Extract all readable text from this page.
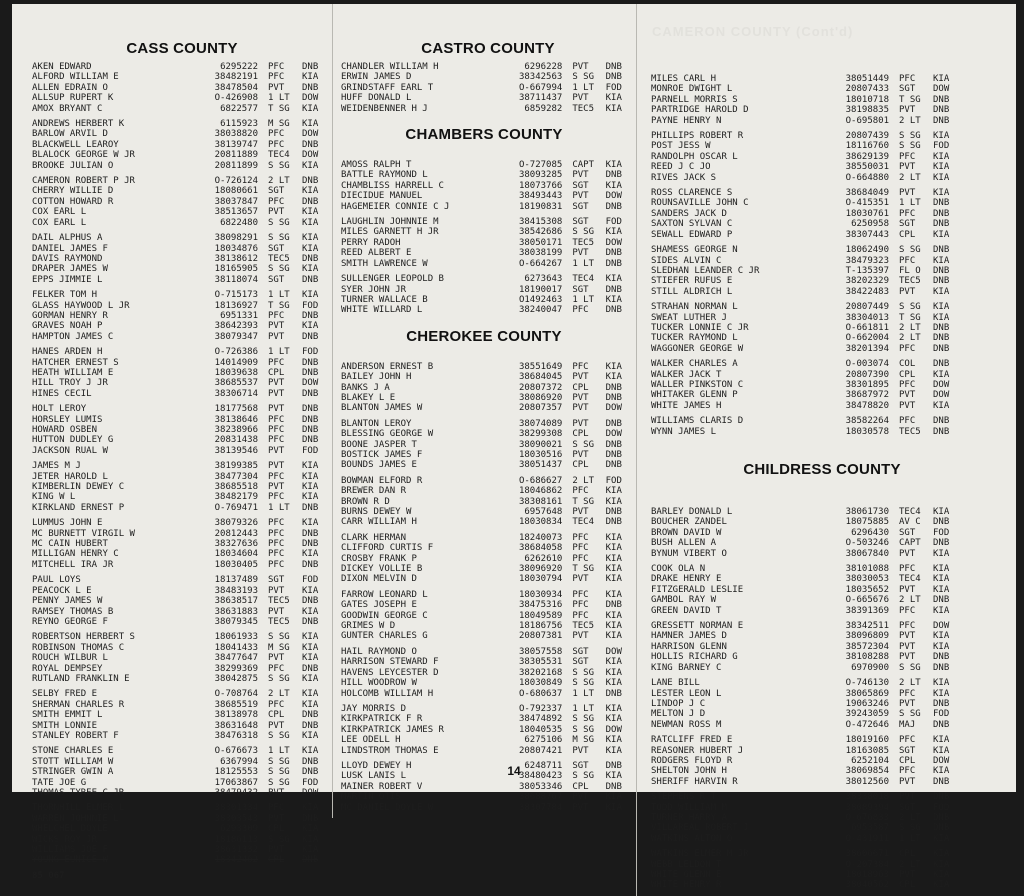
CAMERON COUNTY (Cont'd)
CASS COUNTY
AKEN EDWARD	6295222	PFC	DNB
ALFORD WILLIAM E	38482191	PFC	KIA
ALLEN EDRAIN O	38478504	PVT	DNB
ALLSUP RUPERT K	O-426908	1 LT	DOW
AMOX BRYANT C	6822577	T SG	KIA
ANDREWS HERBERT K	6115923	M SG	KIA
BARLOW ARVIL D	38038820	PFC	DOW
BLACKWELL LEAROY	38139747	PFC	DNB
BLALOCK GEORGE W JR	20811889	TEC4	DOW
BROOKE JULIAN O	20811899	S SG	KIA
CAMERON ROBERT P JR	O-726124	2 LT	DNB
CHERRY WILLIE D	18080661	SGT	KIA
COTTON HOWARD R	38037847	PFC	DNB
COX EARL L	38513657	PVT	KIA
COX EARL L	6822480	S SG	KIA
DAIL ALPHUS A	38098291	S SG	KIA
DANIEL JAMES F	18034876	SGT	KIA
DAVIS RAYMOND	38138612	TEC5	DNB
DRAPER JAMES W	18165905	S SG	KIA
EPPS JIMMIE L	38118074	SGT	DNB
FELKER TOM H	O-715173	1 LT	KIA
GLASS HAYWOOD L JR	18136927	T SG	FOD
GORMAN HENRY R	6951331	PFC	DNB
GRAVES NOAH P	38642393	PVT	KIA
HAMPTON JAMES C	38079347	PVT	DNB
HANES ARDEN H	O-726386	1 LT	FOD
HATCHER ERNEST S	14014909	PFC	DNB
HEATH WILLIAM E	18039638	CPL	DNB
HILL TROY J JR	38685537	PVT	DOW
HINES CECIL	38306714	PVT	DNB
HOLT LEROY	18177568	PVT	DNB
HORSLEY LUMIS	38138646	PFC	DNB
HOWARD OSBEN	38238966	PFC	DNB
HUTTON DUDLEY G	20831438	PFC	DNB
JACKSON RUAL W	38139546	PVT	FOD
JAMES M J	38199385	PVT	KIA
JETER HAROLD L	38477304	PFC	KIA
KIMBERLIN DEWEY C	38685518	PVT	KIA
KING W L	38482179	PFC	KIA
KIRKLAND ERNEST P	O-769471	1 LT	DNB
LUMMUS JOHN E	38079326	PFC	KIA
MC BURNETT VIRGIL W	20812443	PFC	DNB
MC CAIN HUBERT	38327636	PFC	DNB
MILLIGAN HENRY C	18034604	PFC	KIA
MITCHELL IRA JR	18030405	PFC	DNB
PAUL LOYS	18137489	SGT	FOD
PEACOCK L E	38483193	PVT	KIA
PENNY JAMES W	38638517	TEC5	DNB
RAMSEY THOMAS B	38631883	PVT	KIA
REYNO GEORGE F	38079345	TEC5	DNB
ROBERTSON HERBERT S	18061933	S SG	KIA
ROBINSON THOMAS C	18041433	M SG	KIA
ROUCH WILBUR L	38477647	PVT	KIA
ROYAL DEMPSEY	38299369	PFC	DNB
RUTLAND FRANKLIN E	38042875	S SG	KIA
SELBY FRED E	O-708764	2 LT	KIA
SHERMAN CHARLES R	38685519	PFC	KIA
SMITH EMMIT L	38138978	CPL	DNB
SMITH LONNIE	38631648	PVT	DNB
STANLEY ROBERT F	38476318	S SG	KIA
STONE CHARLES E	O-676673	1 LT	KIA
STOTT WILLIAM W	6367994	S SG	DNB
STRINGER GWIN A	18125553	S SG	DNB
TATE JOE G	17063867	S SG	FOD
THOMAS TYREE C JR	38479432	PVT	DOW
THORNHILL ELMER L	38301334	PFC	KIA
WARREN JOHNNIE L	38303543	PVT	DNB
WHELCHEL DOYLE	6293309	CPL	KIA
WICKS ROY JR	18186113	S SG	KIA
WILLIAMS JOE F	38631332	PVT	KIA
YOUNG EUNICE W	18342462	CPL	DNB
85 067
CASTRO COUNTY
CHANDLER WILLIAM H	6296228	PVT	DNB
ERWIN JAMES D	38342563	S SG	DNB
GRINDSTAFF EARL T	O-667994	1 LT	FOD
HUFF DONALD L	38711437	PVT	KIA
WEIDENBENNER H J	6859282	TEC5	KIA
CHAMBERS COUNTY
AMOSS RALPH T	O-727085	CAPT	KIA
BATTLE RAYMOND L	38093285	PVT	DNB
CHAMBLISS HARRELL C	18073766	SGT	KIA
DIECIDUE MANUEL	38493443	PVT	DOW
HAGEMEIER CONNIE C J	18190831	SGT	DNB
LAUGHLIN JOHNNIE M	38415308	SGT	FOD
MILES GARNETT H JR	38542686	S SG	KIA
PERRY RADOH	38050171	TEC5	DOW
REED ALBERT E	38038199	PVT	DNB
SMITH LAWRENCE W	O-664267	1 LT	DNB
SULLENGER LEOPOLD B	6273643	TEC4	KIA
SYER JOHN JR	18190017	SGT	DNB
TURNER WALLACE B	O1492463	1 LT	KIA
WHITE WILLARD L	38240047	PFC	DNB
CHEROKEE COUNTY
ANDERSON ERNEST B	38551649	PFC	KIA
BAILEY JOHN H	38684045	PVT	KIA
BANKS J A	20807372	CPL	DNB
BLAKEY L E	38086920	PVT	DNB
BLANTON JAMES W	20807357	PVT	DOW
BLANTON LEROY	38074089	PVT	DNB
BLESSING GEORGE W	38299308	CPL	DOW
BOONE JASPER T	38090021	S SG	DNB
BOSTICK JAMES F	18030516	PVT	DNB
BOUNDS JAMES E	38051437	CPL	DNB
BOWMAN ELFORD R	O-686627	2 LT	FOD
BREWER DAN R	18046862	PFC	KIA
BROWN R D	38308161	T SG	KIA
BURNS DEWEY W	6957648	PVT	DNB
CARR WILLIAM H	18030834	TEC4	DNB
CLARK HERMAN	18240073	PFC	KIA
CLIFFORD CURTIS F	38684058	PFC	KIA
CROSBY FRANK P	6262610	PFC	KIA
DICKEY VOLLIE B	38096920	T SG	KIA
DIXON MELVIN D	18030794	PVT	KIA
FARROW LEONARD L	18030934	PFC	KIA
GATES JOSEPH E	38475316	PFC	DNB
GOODWIN GEORGE C	18049589	PFC	KIA
GRIMES W D	18186756	TEC5	KIA
GUNTER CHARLES G	20807381	PVT	KIA
HAIL RAYMOND O	38057558	SGT	DOW
HARRISON STEWARD F	38305531	SGT	KIA
HAVENS LEYCESTER D	38202168	S SG	KIA
HILL WOODROW W	18030849	S SG	KIA
HOLCOMB WILLIAM H	O-680637	1 LT	DNB
JAY MORRIS D	O-792337	1 LT	KIA
KIRKPATRICK F R	38474892	S SG	KIA
KIRKPATRICK JAMES R	18040535	S SG	DOW
LEE ODELL H	6275106	M SG	KIA
LINDSTROM THOMAS E	20807421	PVT	KIA
LLOYD DEWEY H	6248711	SGT	DNB
LUSK LANIS L	38480423	S SG	KIA
MAINER ROBERT V	38053346	CPL	DNB
MARTIN OTIS	38688767	PVT	KIA
MC DANIEL DOYLE W	38307784	PVT	KIA
MILES CARL H	38051449	PFC	KIA
MONROE DWIGHT L	20807433	SGT	DOW
PARNELL MORRIS S	18010718	T SG	DNB
PARTRIDGE HAROLD D	38198835	PVT	DNB
PAYNE HENRY N	O-695801	2 LT	DNB
PHILLIPS ROBERT R	20807439	S SG	KIA
POST JESS W	18116760	S SG	FOD
RANDOLPH OSCAR L	38629139	PFC	KIA
REED J C JO	38550031	PVT	KIA
RIVES JACK S	O-664880	2 LT	KIA
ROSS CLARENCE S	38684049	PVT	KIA
ROUNSAVILLE JOHN C	O-415351	1 LT	DNB
SANDERS JACK D	18030761	PFC	DNB
SAXTON SYLVAN C	6250958	SGT	DNB
SEWALL EDWARD P	38307443	CPL	KIA
SHAMESS GEORGE N	18062490	S SG	DNB
SIDES ALVIN C	38479323	PFC	KIA
SLEDHAN LEANDER C JR	T-135397	FL O	DNB
STIEFER RUFUS E	38202329	TEC5	DNB
STILL ALDRICH L	38422483	PVT	KIA
STRAHAN NORMAN L	20807449	S SG	KIA
SWEAT LUTHER J	38304013	T SG	KIA
TUCKER LONNIE C JR	O-661811	2 LT	DNB
TUCKER RAYMOND L	O-662004	2 LT	DNB
WAGGONER GEORGE W	38201394	PFC	DNB
WALKER CHARLES A	O-003074	COL	DNB
WALKER JACK T	20807390	CPL	KIA
WALLER PINKSTON C	38301895	PFC	DOW
WHITAKER GLENN P	38687972	PVT	DOW
WHITE JAMES H	38478820	PVT	KIA
WILLIAMS CLARIS D	38582264	PFC	DNB
WYNN JAMES L	18030578	TEC5	DNB
CHILDRESS COUNTY
BARLEY DONALD L	38061730	TEC4	KIA
BOUCHER ZANDEL	18075885	AV C	DNB
BROWN DAVID W	6296430	SGT	FOD
BUSH ALLEN A	O-503246	CAPT	DNB
BYNUM VIBERT O	38067840	PVT	KIA
COOK OLA N	38101088	PFC	KIA
DRAKE HENRY E	38030053	TEC4	KIA
FITZGERALD LESLIE	18035652	PVT	KIA
GAMBOL RAY W	O-665676	2 LT	DNB
GREEN DAVID T	38391369	PFC	KIA
GRESSETT NORMAN E	38342511	PFC	DOW
HAMNER JAMES D	38096809	PVT	KIA
HARRISON GLENN	38572304	PVT	KIA
HOLLIS RICHARD G	38108288	PVT	DNB
KING BARNEY C	6970900	S SG	DNB
LANE BILL	O-746130	2 LT	KIA
LESTER LEON L	38065869	PFC	KIA
LINDOP J C	19063246	PVT	DNB
MELTON J D	39243059	S SG	FOD
NEWMAN ROSS M	O-472646	MAJ	DNB
RATCLIFF FRED E	18019160	PFC	KIA
REASONER HUBERT J	18163085	SGT	KIA
RODGERS FLOYD R	6252104	CPL	DOW
SHELTON JOHN H	38069854	PFC	KIA
SHERIFF HARVIN R	38012560	PVT	DNB
STEPHENS R T	38338018	PVT	DNB
TODD WILLIAM M	38089394	SGT	FOD
TURNER HARRY A	O-676833	2 LT	DNB
VILLAREAL ROBERT J	6953587	S SG	DNB
WATKINS ALTON O	O-431911	1 LT	KIA
WATKINS ELMER M JR	38606671	CPL	KIA
WEBB LELDON T	O-207384	2 LT	KIA
WHITE GLENN E	18018963	PVT	KIA
WHITE HENRY R	38040562	CPL	KIA
14
